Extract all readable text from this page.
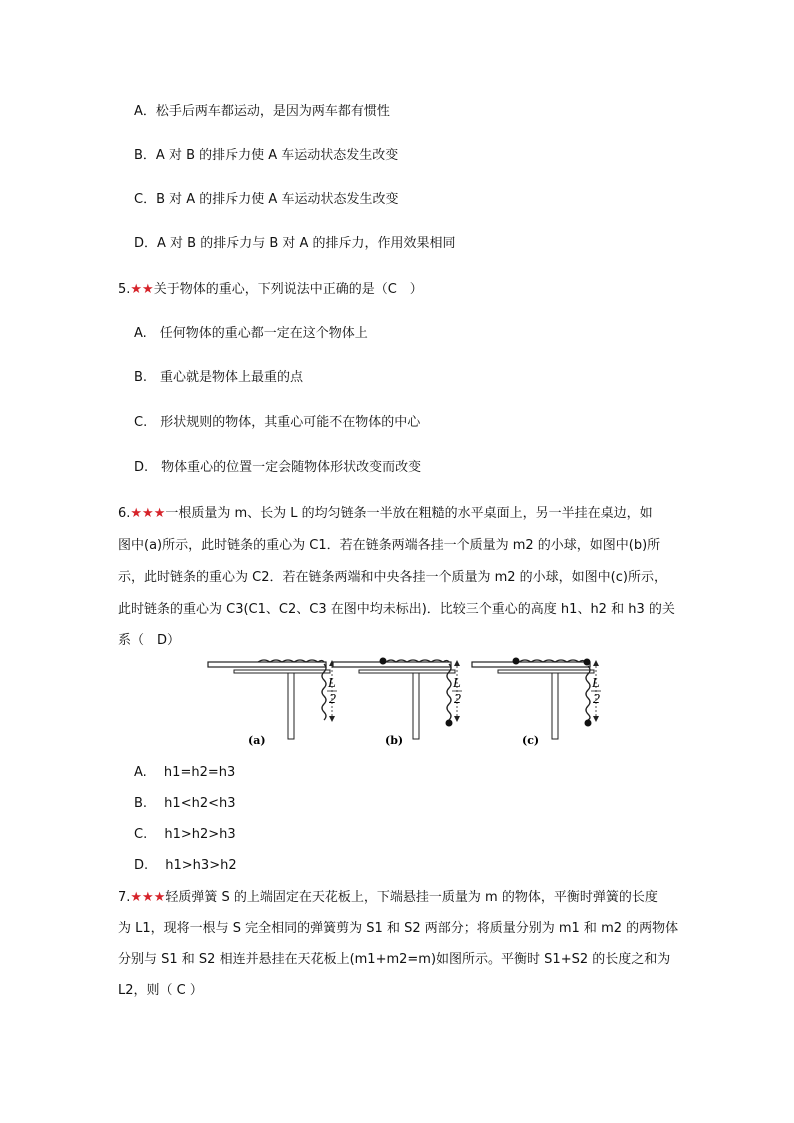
A．松手后两车都运动，是因为两车都有惯性
B．A 对 B 的排斥力使 A 车运动状态发生改变
C．B 对 A 的排斥力使 A 车运动状态发生改变
D．A 对 B 的排斥力与 B 对 A 的排斥力，作用效果相同
5.★★关于物体的重心，下列说法中正确的是（C　）
A.　任何物体的重心都一定在这个物体上
B.　重心就是物体上最重的点
C.　形状规则的物体，其重心可能不在物体的中心
D.　物体重心的位置一定会随物体形状改变而改变
6.★★★一根质量为 m、长为 L 的均匀链条一半放在粗糙的水平桌面上，另一半挂在桌边，如
图中(a)所示，此时链条的重心为 C1．若在链条两端各挂一个质量为 m2 的小球，如图中(b)所
示，此时链条的重心为 C2．若在链条两端和中央各挂一个质量为 m2 的小球，如图中(c)所示，
此时链条的重心为 C3(C1、C2、C3 在图中均未标出)．比较三个重心的高度 h1、h2 和 h3 的关
系（　D）
L
2
(a)
L
2
(b)
L
2
(c)
A.　 h1=h2=h3
B.　 h1<h2<h3
C.　 h1>h2>h3
D.　 h1>h3>h2
7.★★★轻质弹簧 S 的上端固定在天花板上，下端悬挂一质量为 m 的物体，平衡时弹簧的长度
为 L1，现将一根与 S 完全相同的弹簧剪为 S1 和 S2 两部分；将质量分别为 m1 和 m2 的两物体
分别与 S1 和 S2 相连并悬挂在天花板上(m1+m2=m)如图所示。平衡时 S1+S2 的长度之和为
L2，则（ C ）
